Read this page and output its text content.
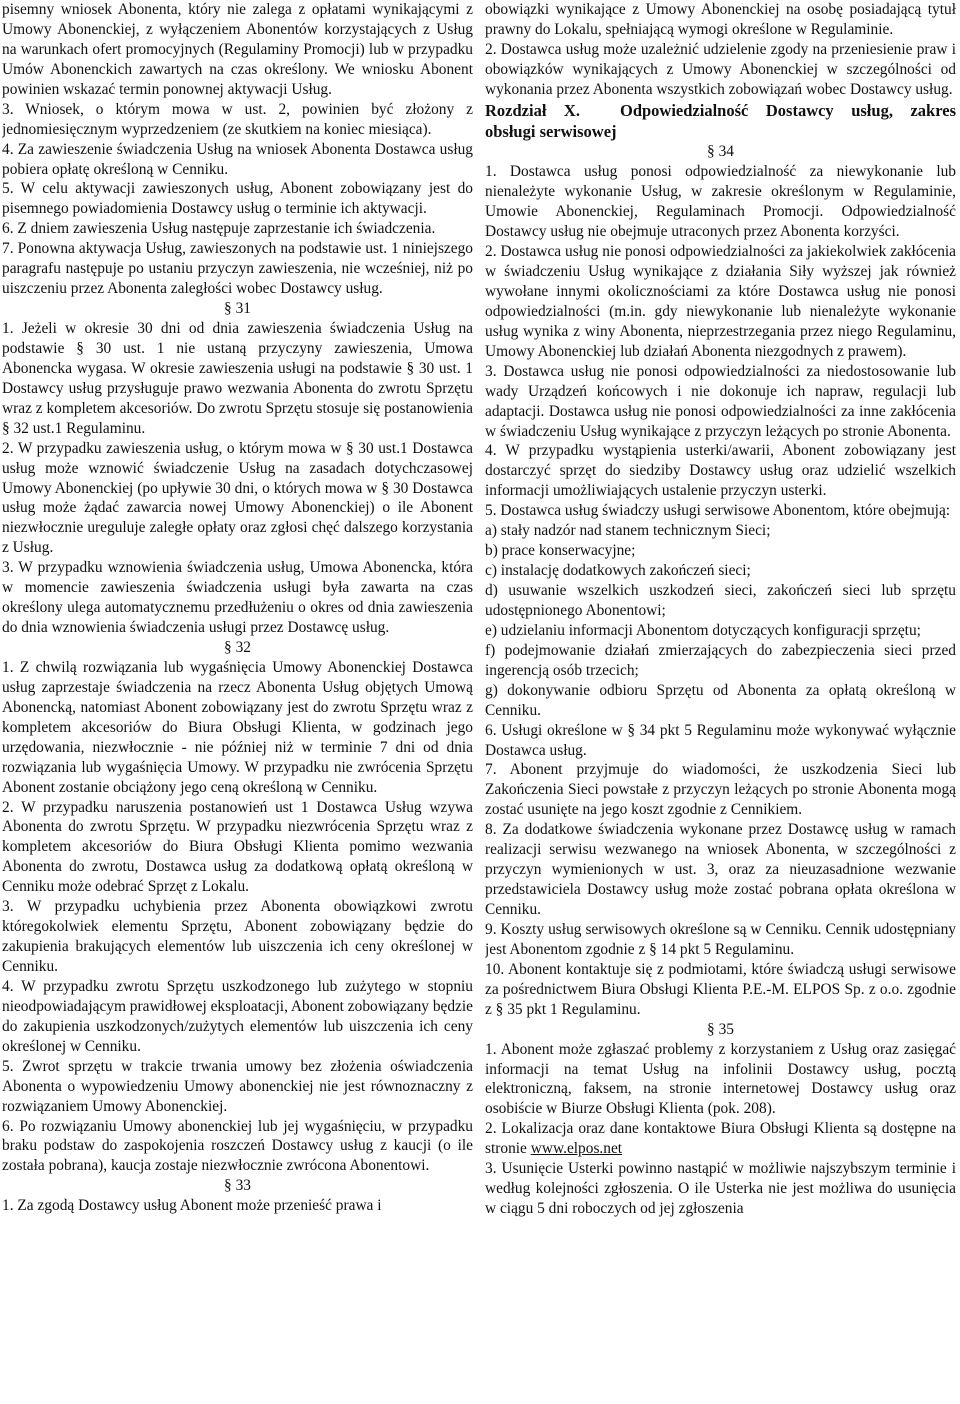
pisemny wniosek Abonenta, który nie zalega z opłatami wynikającymi z Umowy Abonenckiej, z wyłączeniem Abonentów korzystających z Usług na warunkach ofert promocyjnych (Regulaminy Promocji) lub w przypadku Umów Abonenckich zawartych na czas określony. We wniosku Abonent powinien wskazać termin ponownej aktywacji Usług.

3. Wniosek, o którym mowa w ust. 2, powinien być złożony z jednomiesięcznym wyprzedzeniem (ze skutkiem na koniec miesiąca).

4. Za zawieszenie świadczenia Usług na wniosek Abonenta Dostawca usług pobiera opłatę określoną w Cenniku.

5. W celu aktywacji zawieszonych usług, Abonent zobowiązany jest do pisemnego powiadomienia Dostawcy usług o terminie ich aktywacji.

6. Z dniem zawieszenia Usług następuje zaprzestanie ich świadczenia.

7. Ponowna aktywacja Usług, zawieszonych na podstawie ust. 1 niniejszego paragrafu następuje po ustaniu przyczyn zawieszenia, nie wcześniej, niż po uiszczeniu przez Abonenta zaległości wobec Dostawcy usług.

§ 31

1. Jeżeli w okresie 30 dni od dnia zawieszenia świadczenia Usług na podstawie § 30 ust. 1 nie ustaną przyczyny zawieszenia, Umowa Abonencka wygasa. W okresie zawieszenia usługi na podstawie § 30 ust. 1 Dostawcy usług przysługuje prawo wezwania Abonenta do zwrotu Sprzętu wraz z kompletem akcesoriów. Do zwrotu Sprzętu stosuje się postanowienia § 32 ust.1 Regulaminu.

2. W przypadku zawieszenia usług, o którym mowa w § 30 ust.1 Dostawca usług może wznowić świadczenie Usług na zasadach dotychczasowej Umowy Abonenckiej (po upływie 30 dni, o których mowa w § 30 Dostawca usług może żądać zawarcia nowej Umowy Abonenckiej) o ile Abonent niezwłocznie ureguluje zaległe opłaty oraz zgłosi chęć dalszego korzystania z Usług.

3. W przypadku wznowienia świadczenia usług, Umowa Abonencka, która w momencie zawieszenia świadczenia usługi była zawarta na czas określony ulega automatycznemu przedłużeniu o okres od dnia zawieszenia do dnia wznowienia świadczenia usługi przez Dostawcę usług.

§ 32

1. Z chwilą rozwiązania lub wygaśnięcia Umowy Abonenckiej Dostawca usług zaprzestaje świadczenia na rzecz Abonenta Usług objętych Umową Abonencką, natomiast Abonent zobowiązany jest do zwrotu Sprzętu wraz z kompletem akcesoriów do Biura Obsługi Klienta, w godzinach jego urzędowania, niezwłocznie - nie później niż w terminie 7 dni od dnia rozwiązania lub wygaśnięcia Umowy. W przypadku nie zwrócenia Sprzętu Abonent zostanie obciążony jego ceną określoną w Cenniku.

2. W przypadku naruszenia postanowień ust 1 Dostawca Usług wzywa Abonenta do zwrotu Sprzętu. W przypadku niezwrócenia Sprzętu wraz z kompletem akcesoriów do Biura Obsługi Klienta pomimo wezwania Abonenta do zwrotu, Dostawca usług za dodatkową opłatą określoną w Cenniku może odebrać Sprzęt z Lokalu.

3. W przypadku uchybienia przez Abonenta obowiązkowi zwrotu któregokolwiek elementu Sprzętu, Abonent zobowiązany będzie do zakupienia brakujących elementów lub uiszczenia ich ceny określonej w Cenniku.

4. W przypadku zwrotu Sprzętu uszkodzonego lub zużytego w stopniu nieodpowiadającym prawidłowej eksploatacji, Abonent zobowiązany będzie do zakupienia uszkodzonych/zużytych elementów lub uiszczenia ich ceny określonej w Cenniku.

5. Zwrot sprzętu w trakcie trwania umowy bez złożenia oświadczenia Abonenta o wypowiedzeniu Umowy abonenckiej nie jest równoznaczny z rozwiązaniem Umowy Abonenckiej.

6. Po rozwiązaniu Umowy abonenckiej lub jej wygaśnięciu, w przypadku braku podstaw do zaspokojenia roszczeń Dostawcy usług z kaucji (o ile została pobrana), kaucja zostaje niezwłocznie zwrócona Abonentowi.

§ 33

1. Za zgodą Dostawcy usług Abonent może przenieść prawa i

obowiązki wynikające z Umowy Abonenckiej na osobę posiadającą tytuł prawny do Lokalu, spełniającą wymogi określone w Regulaminie.

2. Dostawca usług może uzależnić udzielenie zgody na przeniesienie praw i obowiązków wynikających z Umowy Abonenckiej w szczególności od wykonania przez Abonenta wszystkich zobowiązań wobec Dostawcy usług.

Rozdział X. Odpowiedzialność Dostawcy usług, zakres obsługi serwisowej

§ 34

1. Dostawca usług ponosi odpowiedzialność za niewykonanie lub nienależyte wykonanie Usług, w zakresie określonym w Regulaminie, Umowie Abonenckiej, Regulaminach Promocji. Odpowiedzialność Dostawcy usług nie obejmuje utraconych przez Abonenta korzyści.

2. Dostawca usług nie ponosi odpowiedzialności za jakiekolwiek zakłócenia w świadczeniu Usług wynikające z działania Siły wyższej jak również wywołane innymi okolicznościami za które Dostawca usług nie ponosi odpowiedzialności (m.in. gdy niewykonanie lub nienależyte wykonanie usług wynika z winy Abonenta, nieprzestrzegania przez niego Regulaminu, Umowy Abonenckiej lub działań Abonenta niezgodnych z prawem).

3. Dostawca usług nie ponosi odpowiedzialności za niedostosowanie lub wady Urządzeń końcowych i nie dokonuje ich napraw, regulacji lub adaptacji. Dostawca usług nie ponosi odpowiedzialności za inne zakłócenia w świadczeniu Usług wynikające z przyczyn leżących po stronie Abonenta.

4. W przypadku wystąpienia usterki/awarii, Abonent zobowiązany jest dostarczyć sprzęt do siedziby Dostawcy usług oraz udzielić wszelkich informacji umożliwiających ustalenie przyczyn usterki.

5. Dostawca usług świadczy usługi serwisowe Abonentom, które obejmują:

a) stały nadzór nad stanem technicznym Sieci;

b) prace konserwacyjne;

c) instalację dodatkowych zakończeń sieci;

d) usuwanie wszelkich uszkodzeń sieci, zakończeń sieci lub sprzętu udostępnionego Abonentowi;

e) udzielaniu informacji Abonentom dotyczących konfiguracji sprzętu;

f) podejmowanie działań zmierzających do zabezpieczenia sieci przed ingerencją osób trzecich;

g) dokonywanie odbioru Sprzętu od Abonenta za opłatą określoną w Cenniku.

6. Usługi określone w § 34 pkt 5 Regulaminu może wykonywać wyłącznie Dostawca usług.

7. Abonent przyjmuje do wiadomości, że uszkodzenia Sieci lub Zakończenia Sieci powstałe z przyczyn leżących po stronie Abonenta mogą zostać usunięte na jego koszt zgodnie z Cennikiem.

8. Za dodatkowe świadczenia wykonane przez Dostawcę usług w ramach realizacji serwisu wezwanego na wniosek Abonenta, w szczególności z przyczyn wymienionych w ust. 3, oraz za nieuzasadnione wezwanie przedstawiciela Dostawcy usług może zostać pobrana opłata określona w Cenniku.

9. Koszty usług serwisowych określone są w Cenniku. Cennik udostępniany jest Abonentom zgodnie z § 14 pkt 5 Regulaminu.

10. Abonent kontaktuje się z podmiotami, które świadczą usługi serwisowe za pośrednictwem Biura Obsługi Klienta P.E.-M. ELPOS Sp. z o.o. zgodnie z § 35 pkt 1 Regulaminu.

§ 35

1. Abonent może zgłaszać problemy z korzystaniem z Usług oraz zasięgać informacji na temat Usług na infolinii Dostawcy usług, pocztą elektroniczną, faksem, na stronie internetowej Dostawcy usług oraz osobiście w Biurze Obsługi Klienta (pok. 208).

2. Lokalizacja oraz dane kontaktowe Biura Obsługi Klienta są dostępne na stronie www.elpos.net

3. Usunięcie Usterki powinno nastąpić w możliwie najszybszym terminie i według kolejności zgłoszenia. O ile Usterka nie jest możliwa do usunięcia w ciągu 5 dni roboczych od jej zgłoszenia
